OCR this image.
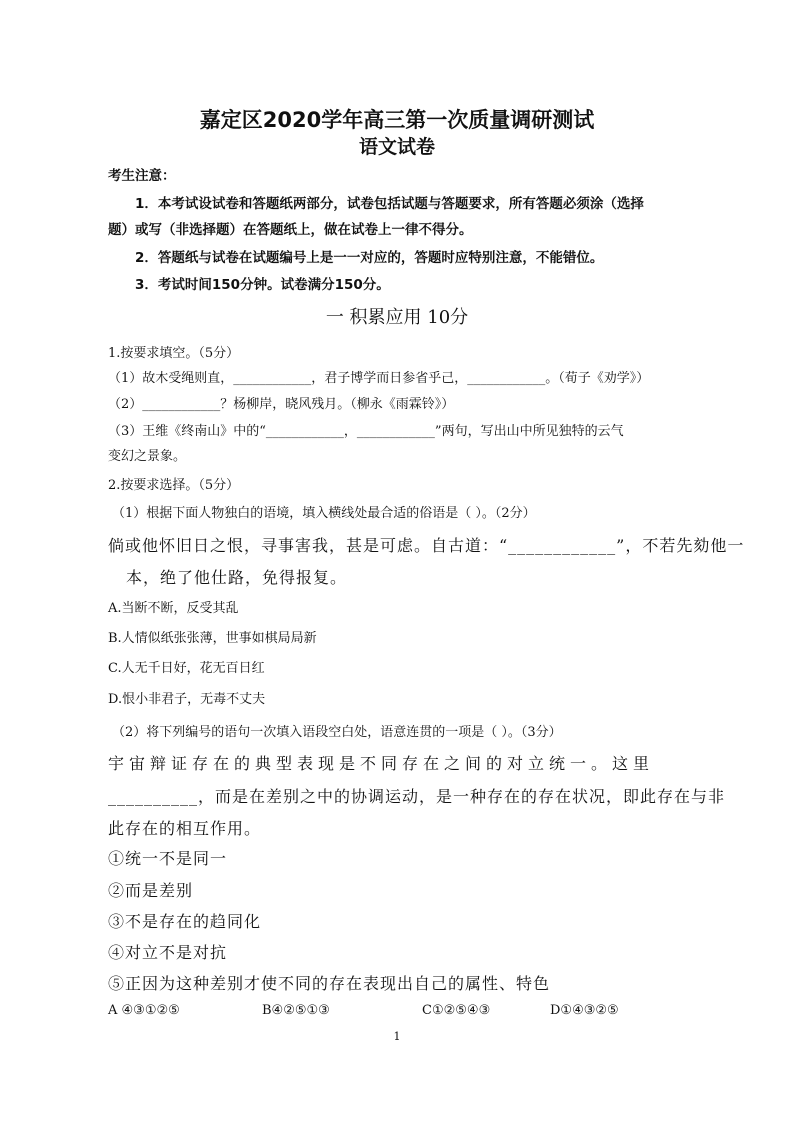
嘉定区2020学年高三第一次质量调研测试
语文试卷
考生注意：
1．本考试设试卷和答题纸两部分，试卷包括试题与答题要求，所有答题必须涂（选择
题）或写（非选择题）在答题纸上，做在试卷上一律不得分。
2．答题纸与试卷在试题编号上是一一对应的，答题时应特别注意，不能错位。
3．考试时间150分钟。试卷满分150分。
一 积累应用 10分
1.按要求填空。（5分）
（1）故木受绳则直，____________，君子博学而日参省乎己，____________。（荀子《劝学》）
（2）____________？杨柳岸，晓风残月。（柳永《雨霖铃》）
（3）王维《终南山》中的“____________，____________”两句，写出山中所见独特的云气
变幻之景象。
2.按要求选择。（5分）
（1）根据下面人物独白的语境，填入横线处最合适的俗语是（ ）。（2分）
倘或他怀旧日之恨，寻事害我，甚是可虑。自古道：“____________”，不若先劾他一
本，绝了他仕路，免得报复。
A.当断不断，反受其乱
B.人情似纸张张薄，世事如棋局局新
C.人无千日好，花无百日红
D.恨小非君子，无毒不丈夫
（2）将下列编号的语句一次填入语段空白处，语意连贯的一项是（ ）。（3分）
宇宙辩证存在的典型表现是不同存在之间的对立统一。这里
__________，而是在差别之中的协调运动，是一种存在的存在状况，即此存在与非
此存在的相互作用。
①统一不是同一
②而是差别
③不是存在的趋同化
④对立不是对抗
⑤正因为这种差别才使不同的存在表现出自己的属性、特色
A ④③①②⑤	B④②⑤①③	C①②⑤④③	D①④③②⑤
1
